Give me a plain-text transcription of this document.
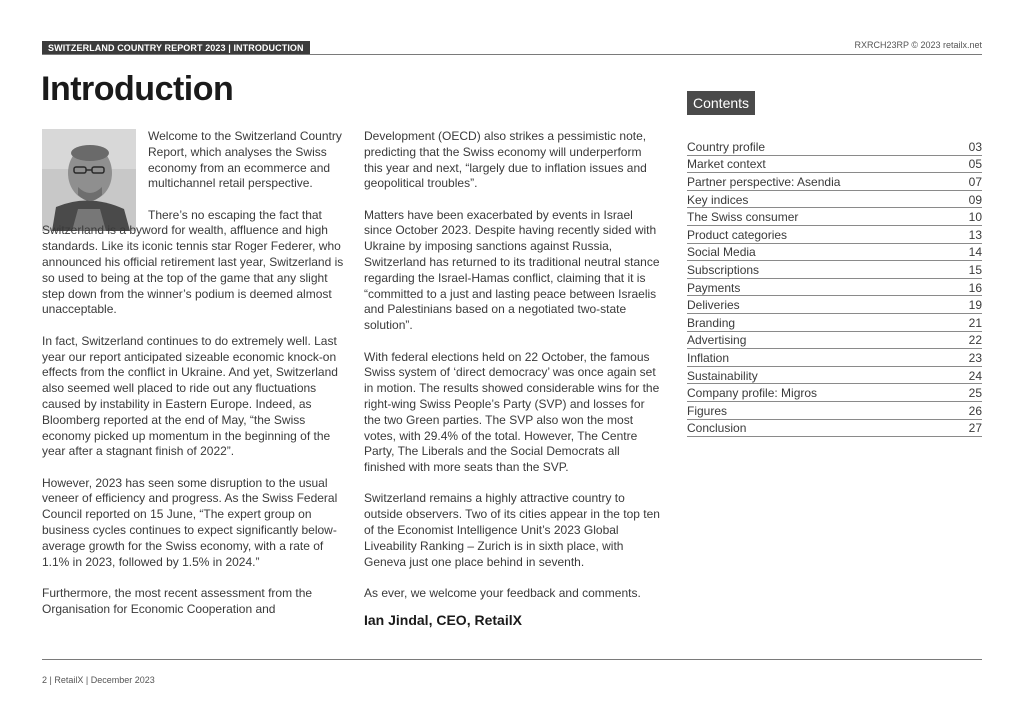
SWITZERLAND COUNTRY REPORT 2023 | INTRODUCTION	RXRCH23RP © 2023 retailx.net
Introduction

Welcome to the Switzerland Country Report, which analyses the Swiss economy from an ecommerce and multichannel retail perspective.

There’s no escaping the fact that Switzerland is a byword for wealth, affluence and high standards. Like its iconic tennis star Roger Federer, who announced his official retirement last year, Switzerland is so used to being at the top of the game that any slight step down from the winner’s podium is deemed almost unacceptable.

In fact, Switzerland continues to do extremely well. Last year our report anticipated sizeable economic knock-on effects from the conflict in Ukraine. And yet, Switzerland also seemed well placed to ride out any fluctuations caused by instability in Eastern Europe. Indeed, as Bloomberg reported at the end of May, “the Swiss economy picked up momentum in the beginning of the year after a stagnant finish of 2022”.

However, 2023 has seen some disruption to the usual veneer of efficiency and progress. As the Swiss Federal Council reported on 15 June, “The expert group on business cycles continues to expect significantly below-average growth for the Swiss economy, with a rate of 1.1% in 2023, followed by 1.5% in 2024.”

Furthermore, the most recent assessment from the Organisation for Economic Cooperation and

Development (OECD) also strikes a pessimistic note, predicting that the Swiss economy will underperform this year and next, “largely due to inflation issues and geopolitical troubles”.

Matters have been exacerbated by events in Israel since October 2023. Despite having recently sided with Ukraine by imposing sanctions against Russia, Switzerland has returned to its traditional neutral stance regarding the Israel-Hamas conflict, claiming that it is “committed to a just and lasting peace between Israelis and Palestinians based on a negotiated two-state solution”.

With federal elections held on 22 October, the famous Swiss system of ‘direct democracy’ was once again set in motion. The results showed considerable wins for the right-wing Swiss People’s Party (SVP) and losses for the two Green parties. The SVP also won the most votes, with 29.4% of the total. However, The Centre Party, The Liberals and the Social Democrats all finished with more seats than the SVP.

Switzerland remains a highly attractive country to outside observers. Two of its cities appear in the top ten of the Economist Intelligence Unit’s 2023 Global Liveability Ranking – Zurich is in sixth place, with Geneva just one place behind in seventh.

As ever, we welcome your feedback and comments.

Ian Jindal, CEO, RetailX
Contents
Country profile	03
Market context	05
Partner perspective: Asendia	07
Key indices	09
The Swiss consumer	10
Product categories	13
Social Media	14
Subscriptions	15
Payments	16
Deliveries	19
Branding	21
Advertising	22
Inflation	23
Sustainability	24
Company profile: Migros	25
Figures	26
Conclusion	27
2 | RetailX | December 2023
